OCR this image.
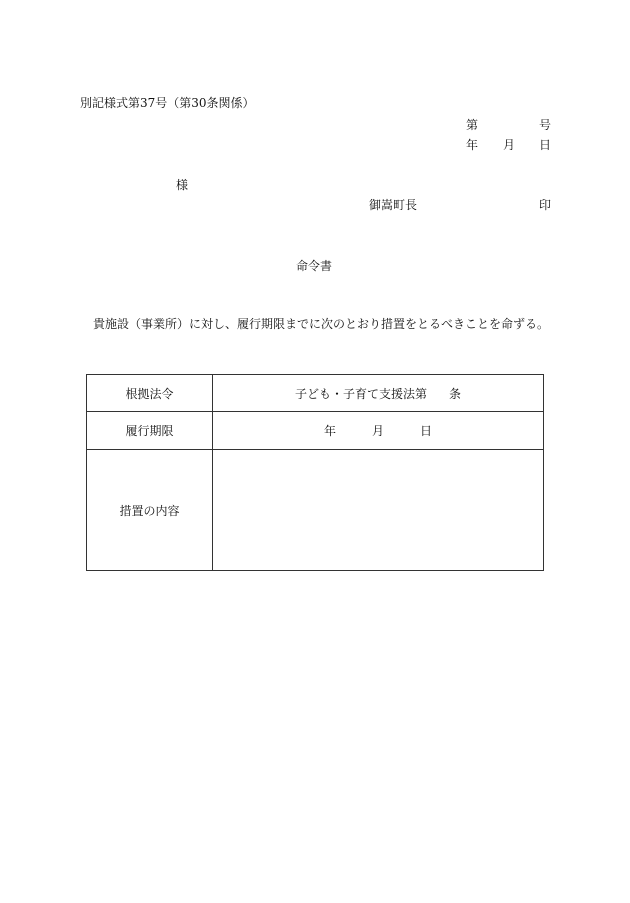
別記様式第37号（第30条関係）
第	号
年 月 日
様
御嵩町長	印
命令書
貴施設（事業所）に対し、履行期限までに次のとおり措置をとるべきことを命ずる。
根拠法令	子ども・子育て支援法第 条
履行期限	年 月 日
措置の内容	
